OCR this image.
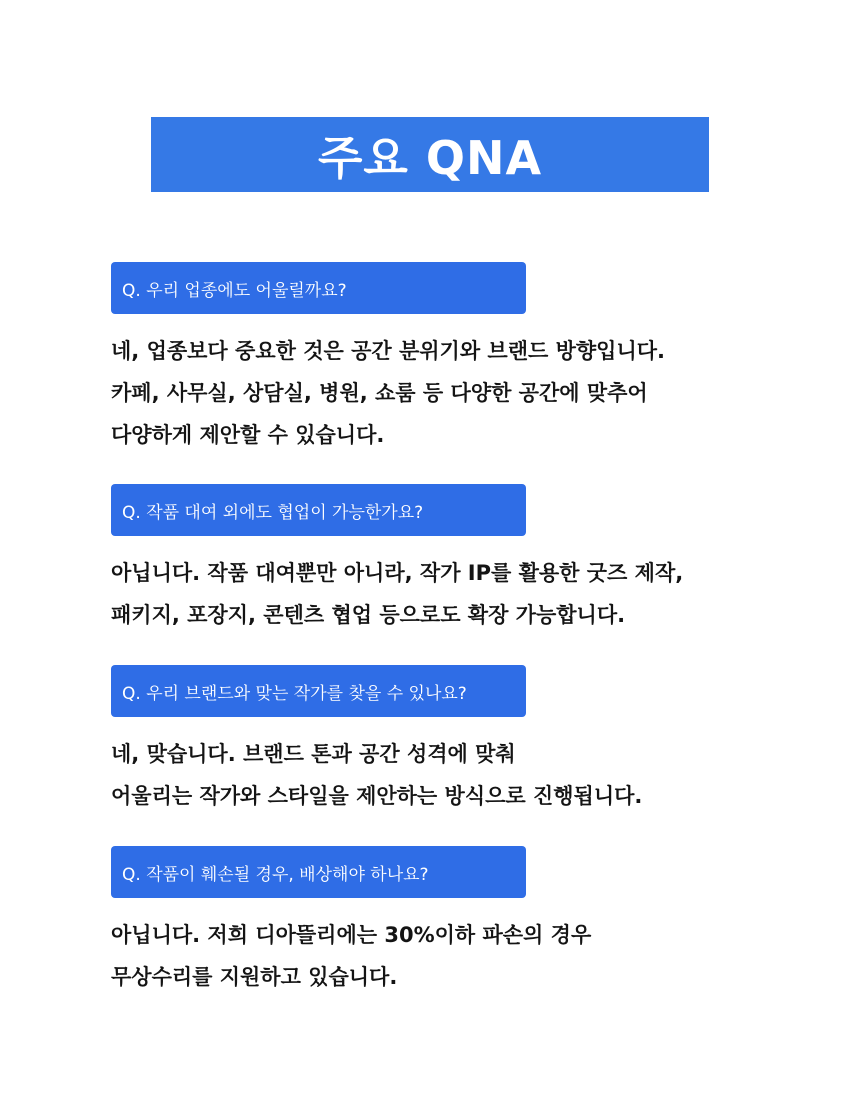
주요 QNA
Q. 우리 업종에도 어울릴까요?
네, 업종보다 중요한 것은 공간 분위기와 브랜드 방향입니다.
카페, 사무실, 상담실, 병원, 쇼룸 등 다양한 공간에 맞추어
다양하게 제안할 수 있습니다.
Q. 작품 대여 외에도 협업이 가능한가요?
아닙니다. 작품 대여뿐만 아니라, 작가 IP를 활용한 굿즈 제작,
패키지, 포장지, 콘텐츠 협업 등으로도 확장 가능합니다.
Q. 우리 브랜드와 맞는 작가를 찾을 수 있나요?
네, 맞습니다. 브랜드 톤과 공간 성격에 맞춰
어울리는 작가와 스타일을 제안하는 방식으로 진행됩니다.
Q. 작품이 훼손될 경우, 배상해야 하나요?
아닙니다. 저희 디아뜰리에는 30%이하 파손의 경우
무상수리를 지원하고 있습니다.
